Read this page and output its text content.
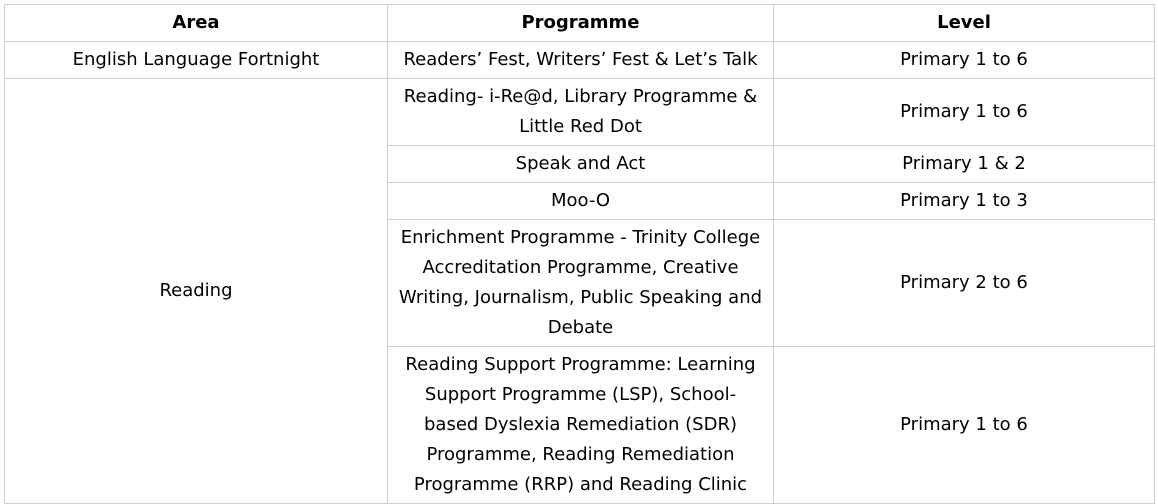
Area	Programme	Level
English Language Fortnight	Readers’ Fest, Writers’ Fest & Let’s Talk	Primary 1 to 6
Reading	Reading- i-Re@d, Library Programme & Little Red Dot	Primary 1 to 6
	Speak and Act	Primary 1 & 2
	Moo-O	Primary 1 to 3
	Enrichment Programme - Trinity College Accreditation Programme, Creative Writing, Journalism, Public Speaking and Debate	Primary 2 to 6
	Reading Support Programme: Learning Support Programme (LSP), School-based Dyslexia Remediation (SDR) Programme, Reading Remediation Programme (RRP) and Reading Clinic	Primary 1 to 6
